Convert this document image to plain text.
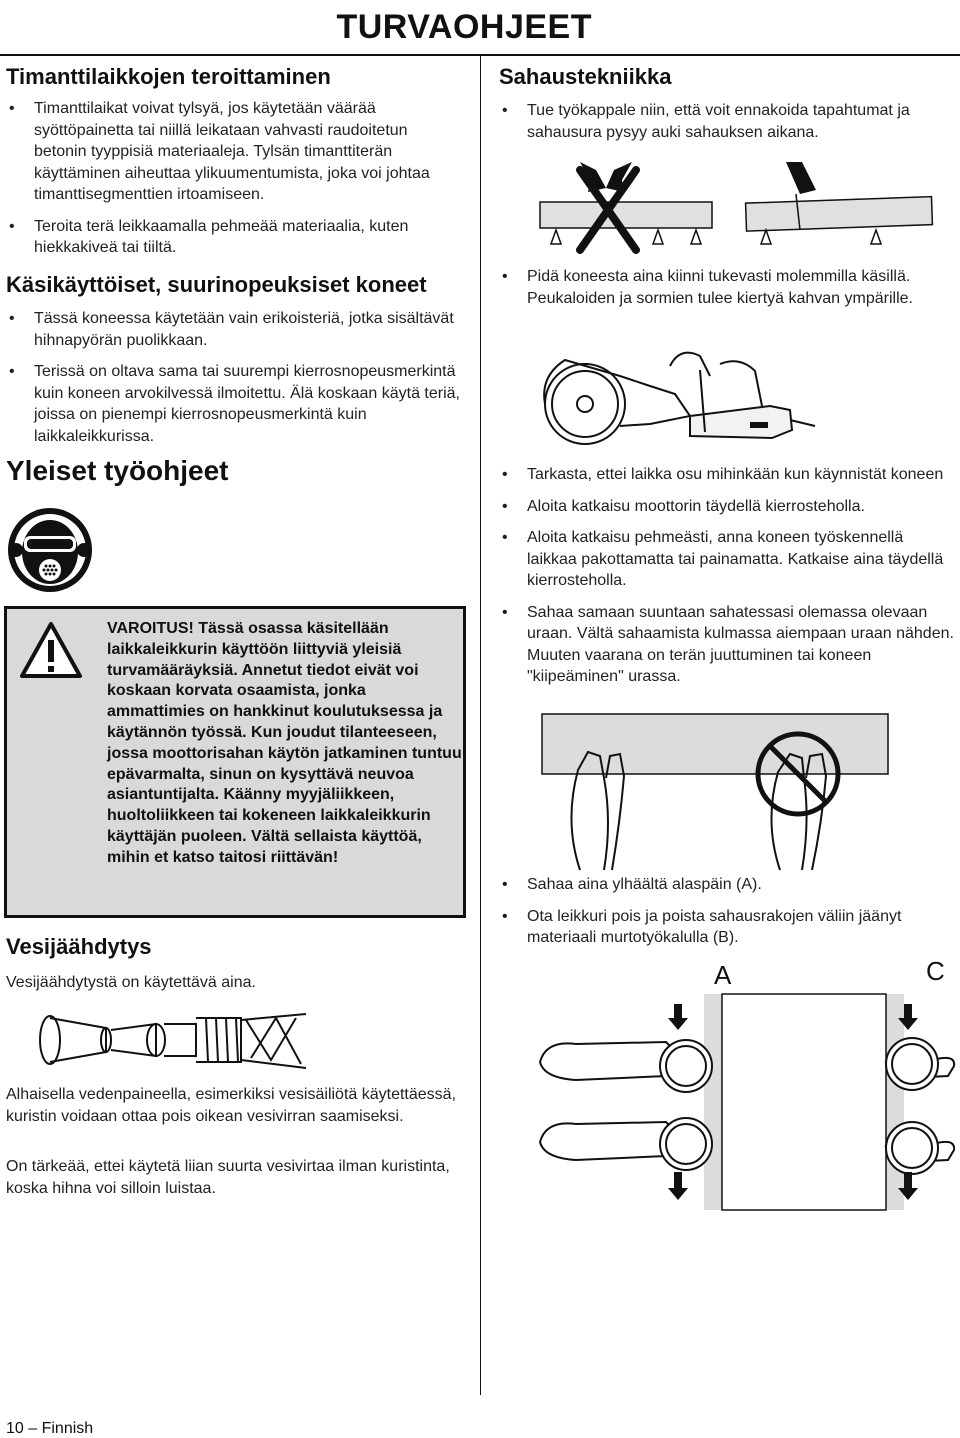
TURVAOHJEET
Timanttilaikkojen teroittaminen
• Timanttilaikat voivat tylsyä, jos käytetään väärää syöttöpainetta tai niillä leikataan vahvasti raudoitetun betonin tyyppisiä materiaaleja. Tylsän timanttiterän käyttäminen aiheuttaa ylikuumentumista, joka voi johtaa timanttisegmenttien irtoamiseen.
• Teroita terä leikkaamalla pehmeää materiaalia, kuten hiekkakiveä tai tiiltä.
Käsikäyttöiset, suurinopeuksiset koneet
• Tässä koneessa käytetään vain erikoisteriä, jotka sisältävät hihnapyörän puolikkaan.
• Terissä on oltava sama tai suurempi kierrosnopeusmerkintä kuin koneen arvokilvessä ilmoitettu. Älä koskaan käytä teriä, joissa on pienempi kierrosnopeusmerkintä kuin laikkaleikkurissa.
Yleiset työohjeet

VAROITUS! Tässä osassa käsitellään laikkaleikkurin käyttöön liittyviä yleisiä turvamääräyksiä. Annetut tiedot eivät voi koskaan korvata osaamista, jonka ammattimies on hankkinut koulutuksessa ja käytännön työssä. Kun joudut tilanteeseen, jossa moottorisahan käytön jatkaminen tuntuu epävarmalta, sinun on kysyttävä neuvoa asiantuntijalta. Käänny myyjäliikkeen, huoltoliikkeen tai kokeneen laikkaleikkurin käyttäjän puoleen. Vältä sellaista käyttöä, mihin et katso taitosi riittävän!

Vesijäähdytys

Vesijäähdytystä on käytettävä aina.

Alhaisella vedenpaineella, esimerkiksi vesisäiliötä käytettäessä, kuristin voidaan ottaa pois oikean vesivirran saamiseksi.

On tärkeää, ettei käytetä liian suurta vesivirtaa ilman kuristinta, koska hihna voi silloin luistaa.

Sahaustekniikka
• Tue työkappale niin, että voit ennakoida tapahtumat ja sahausura pysyy auki sahauksen aikana.
• Pidä koneesta aina kiinni tukevasti molemmilla käsillä. Peukaloiden ja sormien tulee kiertyä kahvan ympärille.
• Tarkasta, ettei laikka osu mihinkään kun käynnistät koneen
• Aloita katkaisu moottorin täydellä kierrosteholla.
• Aloita katkaisu pehmeästi, anna koneen työskennellä laikkaa pakottamatta tai painamatta. Katkaise aina täydellä kierrosteholla.
• Sahaa samaan suuntaan sahatessasi olemassa olevaan uraan. Vältä sahaamista kulmassa aiempaan uraan nähden. Muuten vaarana on terän juuttuminen tai koneen "kiipeäminen" urassa.
• Sahaa aina ylhäältä alaspäin (A).
• Ota leikkuri pois ja poista sahausrakojen väliin jäänyt materiaali murtotyökalulla (B).
A	C
10 – Finnish
